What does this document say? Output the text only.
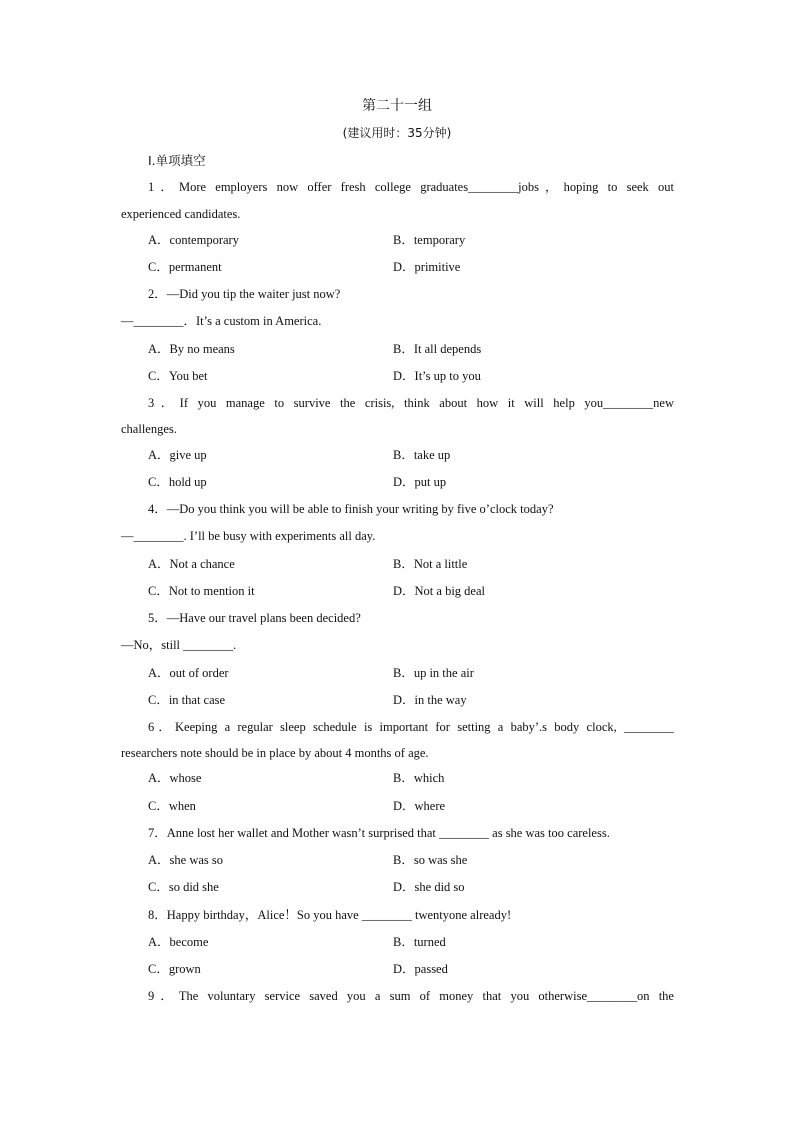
第二十一组
(建议用时：35分钟)
Ⅰ.单项填空
1．More employers now offer fresh college graduates________jobs，hoping to seek out
experienced candidates.
A．contemporary	B．temporary
C．permanent	D．primitive
2．—Did you tip the waiter just now?
—________．It’s a custom in America.
A．By no means	B．It all depends
C．You bet	D．It’s up to you
3．If you manage to survive the crisis, think about how it will help you________new
challenges.
A．give up	B．take up
C．hold up	D．put up
4．—Do you think you will be able to finish your writing by five o’clock today?
—________. I’ll be busy with experiments all day.
A．Not a chance	B．Not a little
C．Not to mention it	D．Not a big deal
5．—Have our travel plans been decided?
—No，still ________.
A．out of order	B．up in the air
C．in that case	D．in the way
6．Keeping a regular sleep schedule is important for setting a baby’.s body clock, ________
researchers note should be in place by about 4 months of age.
A．whose	B．which
C．when	D．where
7．Anne lost her wallet and Mother wasn’t surprised that ________ as she was too careless.
A．she was so	B．so was she
C．so did she	D．she did so
8．Happy birthday，Alice！So you have ________ twentyone already!
A．become	B．turned
C．grown	D．passed
9．The voluntary service saved you a sum of money that you otherwise________on the
